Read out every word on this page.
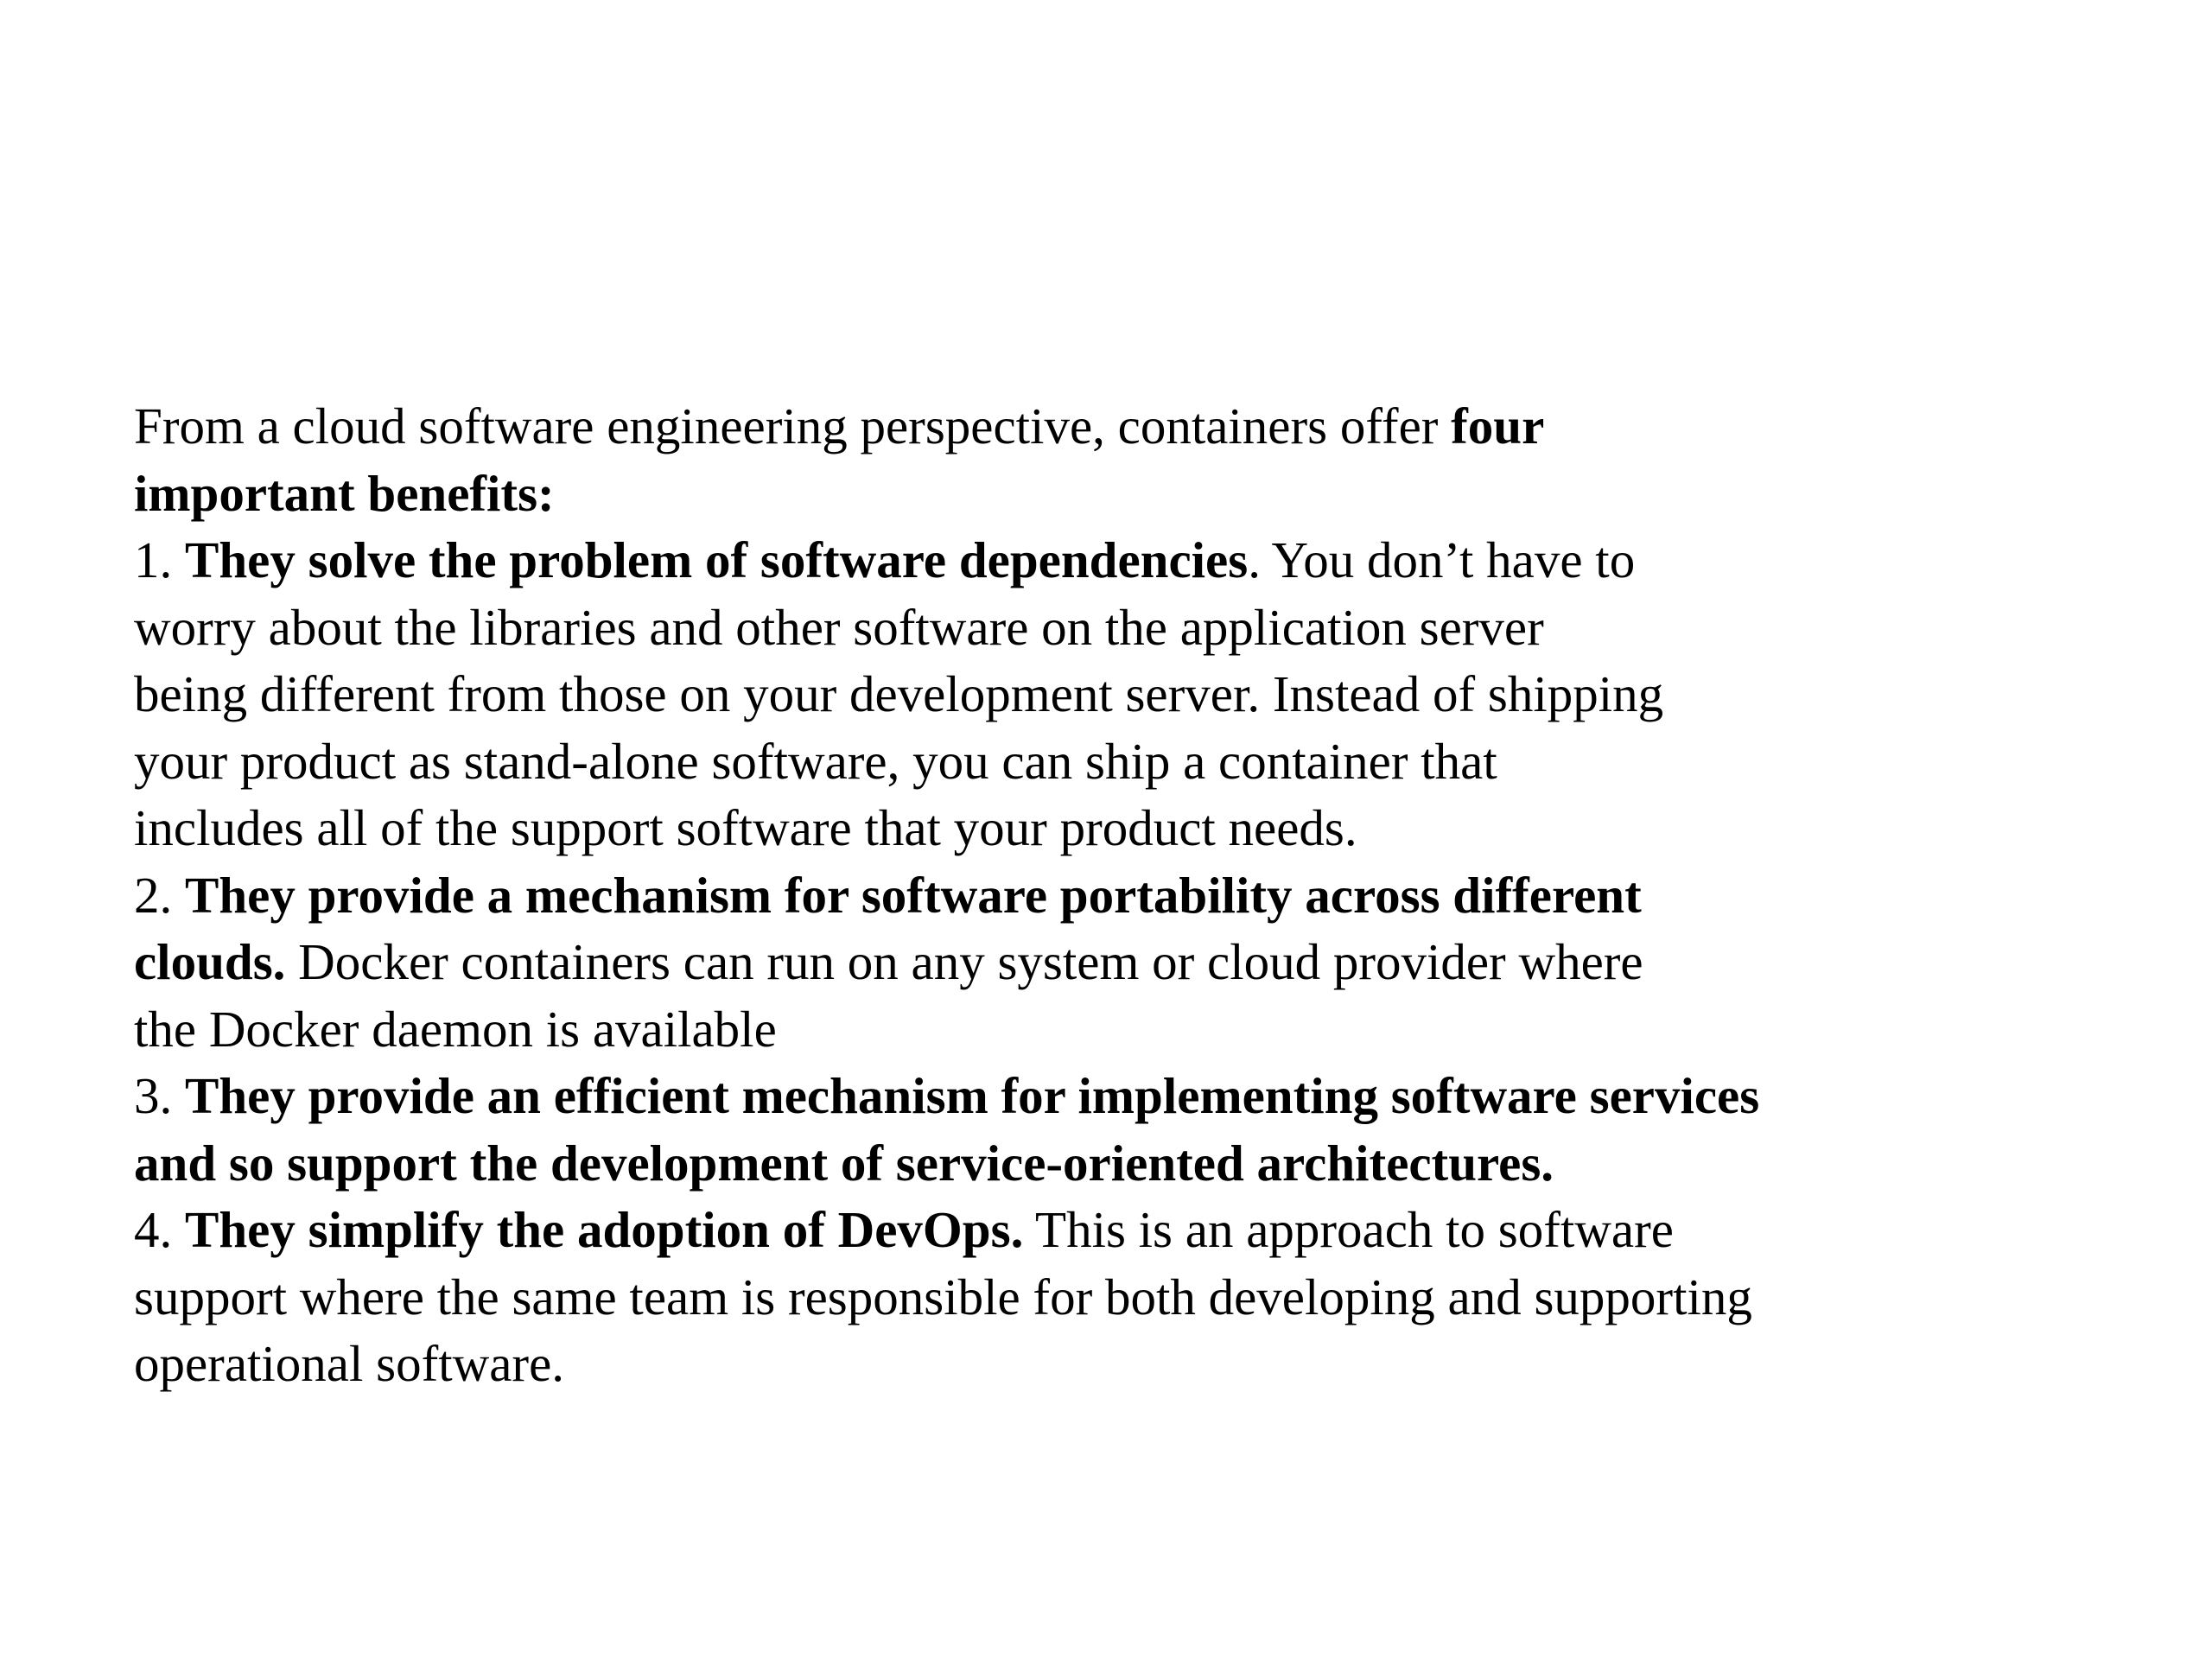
From a cloud software engineering perspective, containers offer four
important benefits:
1. They solve the problem of software dependencies. You don’t have to
worry about the libraries and other software on the application server
being different from those on your development server. Instead of shipping
your product as stand-alone software, you can ship a container that
includes all of the support software that your product needs.
2. They provide a mechanism for software portability across different
clouds. Docker containers can run on any system or cloud provider where
the Docker daemon is available
3. They provide an efficient mechanism for implementing software services
and so support the development of service-oriented architectures.
4. They simplify the adoption of DevOps. This is an approach to software
support where the same team is responsible for both developing and supporting
operational software.
